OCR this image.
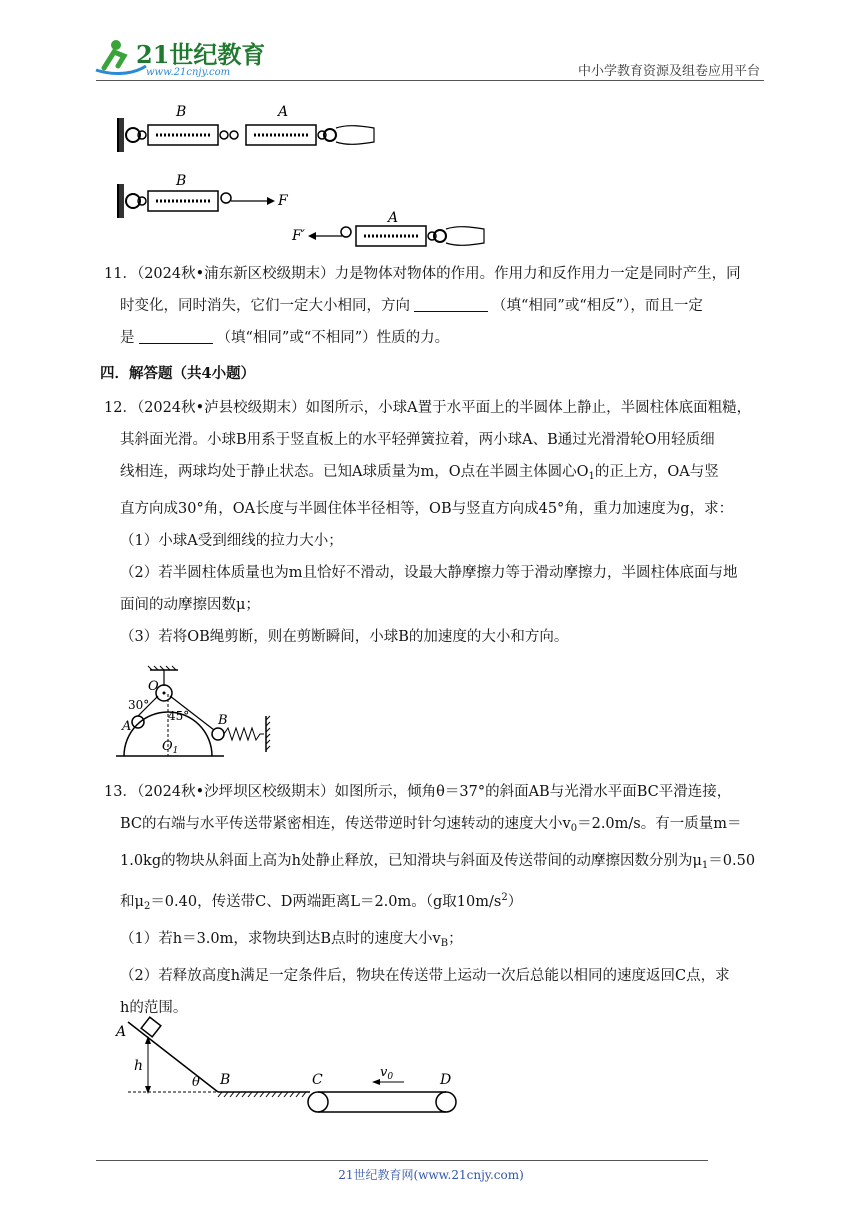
21世纪教育
www.21cnjy.com	中小学教育资源及组卷应用平台
B	A
B
F
F′
A
11．（2024秋•浦东新区校级期末）力是物体对物体的作用。作用力和反作用力一定是同时产生，同
时变化，同时消失，它们一定大小相同，方向	（填“相同”或“相反”），而且一定
是	（填“相同”或“不相同”）性质的力。
四．解答题（共4小题）
12．（2024秋•泸县校级期末）如图所示，小球A置于水平面上的半圆体上静止，半圆柱体底面粗糙，
其斜面光滑。小球B用系于竖直板上的水平轻弹簧拉着，两小球A、B通过光滑滑轮O用轻质细
线相连，两球均处于静止状态。已知A球质量为m，O点在半圆主体圆心$O_1$的正上方，OA与竖
直方向成30°角，OA长度与半圆住体半径相等，OB与竖直方向成45°角，重力加速度为g，求：
（1）小球A受到细线的拉力大小；
（2）若半圆柱体质量也为m且恰好不滑动，设最大静摩擦力等于滑动摩擦力，半圆柱体底面与地
面间的动摩擦因数μ；
（3）若将OB绳剪断，则在剪断瞬间，小球B的加速度的大小和方向。
O
30°
45°
A	B
$O_1$
13．（2024秋•沙坪坝区校级期末）如图所示，倾角θ＝37°的斜面AB与光滑水平面BC平滑连接，
BC的右端与水平传送带紧密相连，传送带逆时针匀速转动的速度大小$v_0=2.0m/s$。有一质量m＝
1.0kg的物块从斜面上高为h处静止释放，已知滑块与斜面及传送带间的动摩擦因数分别为$\mu_1=0.50$
和$\mu_2=0.40$，传送带C、D两端距离L＝2.0m。（g取$10m/s^2$）
（1）若h＝3.0m，求物块到达B点时的速度大小$v_B$；
（2）若释放高度h满足一定条件后，物块在传送带上运动一次后总能以相同的速度返回C点，求
h的范围。
A
h
θ B	C	$v_0$	D
21世纪教育网(www.21cnjy.com)
